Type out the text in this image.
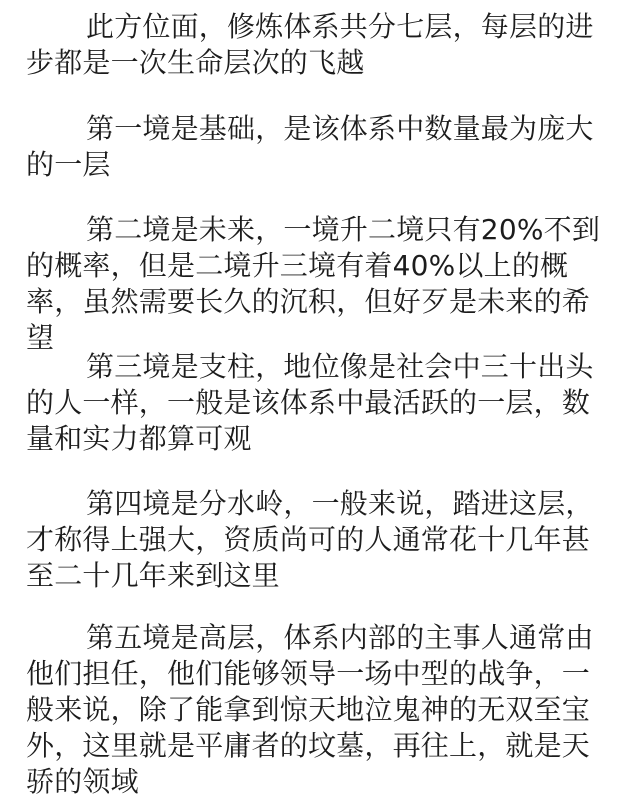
此方位面，修炼体系共分七层，每层的进步都是一次生命层次的飞越

第一境是基础，是该体系中数量最为庞大的一层

第二境是未来，一境升二境只有20%不到的概率，但是二境升三境有着40%以上的概率，虽然需要长久的沉积，但好歹是未来的希望

第三境是支柱，地位像是社会中三十出头的人一样，一般是该体系中最活跃的一层，数量和实力都算可观

第四境是分水岭，一般来说，踏进这层，才称得上强大，资质尚可的人通常花十几年甚至二十几年来到这里

第五境是高层，体系内部的主事人通常由他们担任，他们能够领导一场中型的战争，一般来说，除了能拿到惊天地泣鬼神的无双至宝外，这里就是平庸者的坟墓，再往上，就是天骄的领域
